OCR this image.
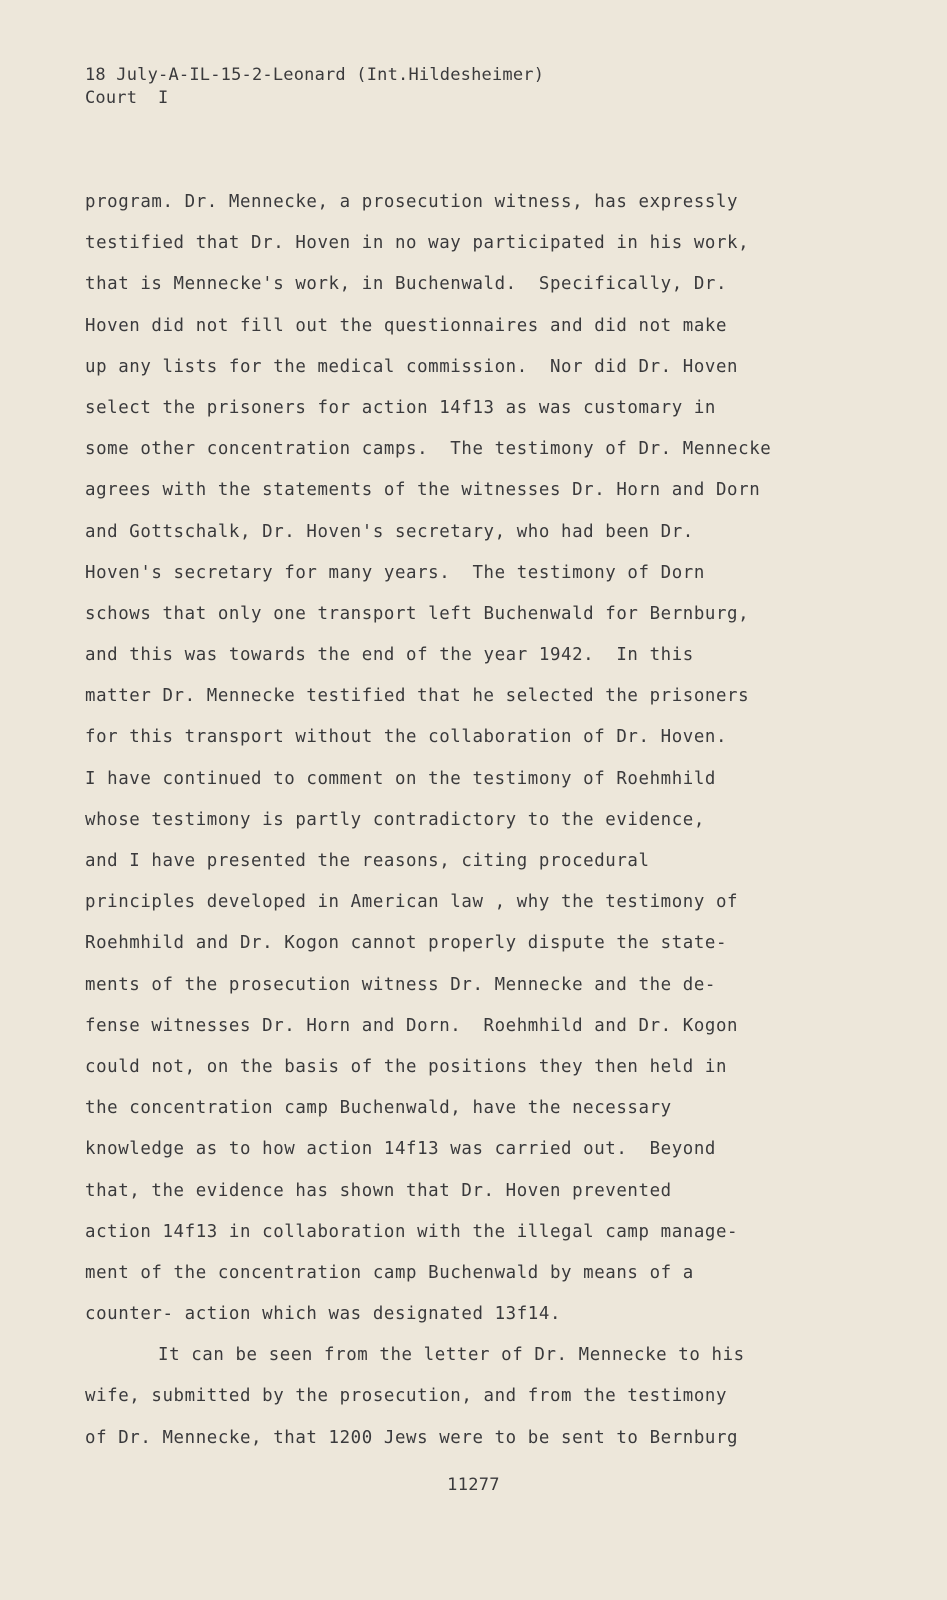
18 July-A-IL-15-2-Leonard (Int.Hildesheimer)
Court  I
program. Dr. Mennecke, a prosecution witness, has expressly
testified that Dr. Hoven in no way participated in his work,
that is Mennecke's work, in Buchenwald.  Specifically, Dr.
Hoven did not fill out the questionnaires and did not make
up any lists for the medical commission.  Nor did Dr. Hoven
select the prisoners for action 14f13 as was customary in
some other concentration camps.  The testimony of Dr. Mennecke
agrees with the statements of the witnesses Dr. Horn and Dorn
and Gottschalk, Dr. Hoven's secretary, who had been Dr.
Hoven's secretary for many years.  The testimony of Dorn
schows that only one transport left Buchenwald for Bernburg,
and this was towards the end of the year 1942.  In this
matter Dr. Mennecke testified that he selected the prisoners
for this transport without the collaboration of Dr. Hoven.
I have continued to comment on the testimony of Roehmhild
whose testimony is partly contradictory to the evidence,
and I have presented the reasons, citing procedural
principles developed in American law , why the testimony of
Roehmhild and Dr. Kogon cannot properly dispute the state-
ments of the prosecution witness Dr. Mennecke and the de-
fense witnesses Dr. Horn and Dorn.  Roehmhild and Dr. Kogon
could not, on the basis of the positions they then held in
the concentration camp Buchenwald, have the necessary
knowledge as to how action 14f13 was carried out.  Beyond
that, the evidence has shown that Dr. Hoven prevented
action 14f13 in collaboration with the illegal camp manage-
ment of the concentration camp Buchenwald by means of a
counter- action which was designated 13f14.
It can be seen from the letter of Dr. Mennecke to his
wife, submitted by the prosecution, and from the testimony
of Dr. Mennecke, that 1200 Jews were to be sent to Bernburg
11277
